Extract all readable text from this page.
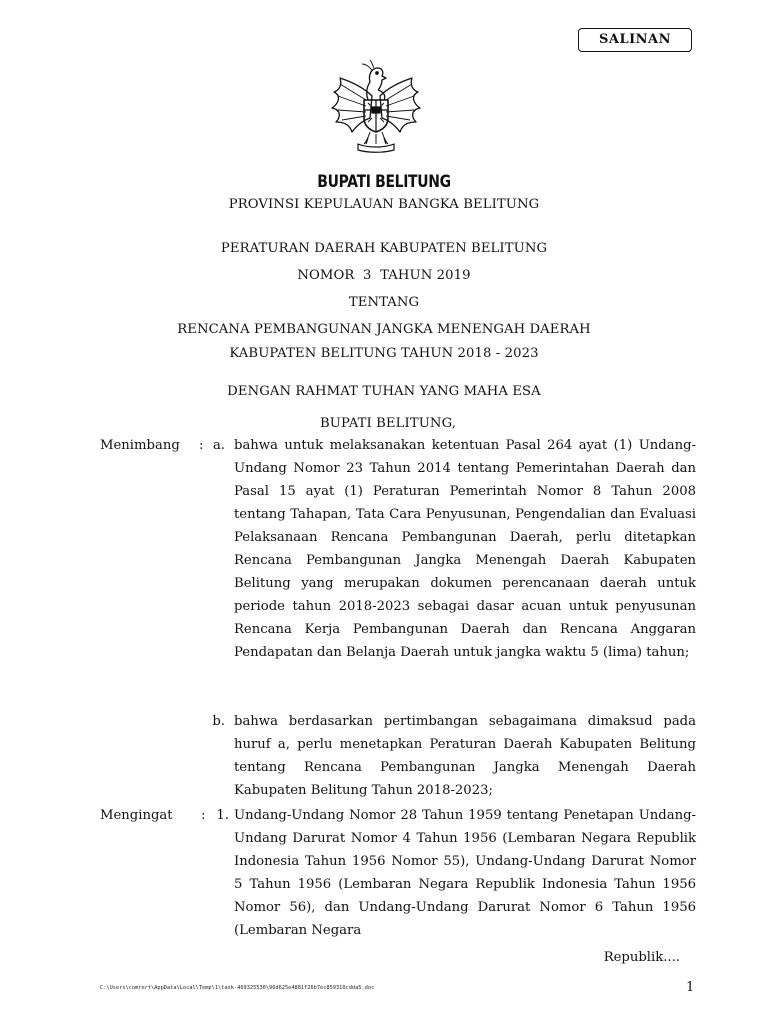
SALINAN
BUPATI BELITUNG
PROVINSI KEPULAUAN BANGKA BELITUNG
PERATURAN DAERAH KABUPATEN BELITUNG
NOMOR  3  TAHUN 2019
TENTANG
RENCANA PEMBANGUNAN JANGKA MENENGAH DAERAH
KABUPATEN BELITUNG TAHUN 2018 - 2023
DENGAN RAHMAT TUHAN YANG MAHA ESA
BUPATI BELITUNG,
Menimbang : a. bahwa untuk melaksanakan ketentuan Pasal 264 ayat (1) Undang-Undang Nomor 23 Tahun 2014 tentang Pemerintahan Daerah dan Pasal 15 ayat (1) Peraturan Pemerintah Nomor 8 Tahun 2008 tentang Tahapan, Tata Cara Penyusunan, Pengendalian dan Evaluasi Pelaksanaan Rencana Pembangunan Daerah, perlu ditetapkan Rencana Pembangunan Jangka Menengah Daerah Kabupaten Belitung yang merupakan dokumen perencanaan daerah untuk periode tahun 2018-2023 sebagai dasar acuan untuk penyusunan Rencana Kerja Pembangunan Daerah dan Rencana Anggaran Pendapatan dan Belanja Daerah untuk jangka waktu 5 (lima) tahun;

b. bahwa berdasarkan pertimbangan sebagaimana dimaksud pada huruf a, perlu menetapkan Peraturan Daerah Kabupaten Belitung tentang Rencana Pembangunan Jangka Menengah Daerah Kabupaten Belitung Tahun 2018-2023;

Mengingat : 1. Undang-Undang Nomor 28 Tahun 1959 tentang Penetapan Undang-Undang Darurat Nomor 4 Tahun 1956 (Lembaran Negara Republik Indonesia Tahun 1956 Nomor 55), Undang-Undang Darurat Nomor 5 Tahun 1956 (Lembaran Negara Republik Indonesia Tahun 1956 Nomor 56), dan Undang-Undang Darurat Nomor 6 Tahun 1956 (Lembaran Negara

Republik....
C:\Users\comrert\AppData\Local\Temp\1\task-469325530\96d625e4881f26b7ec859310cdda5.doc	1
